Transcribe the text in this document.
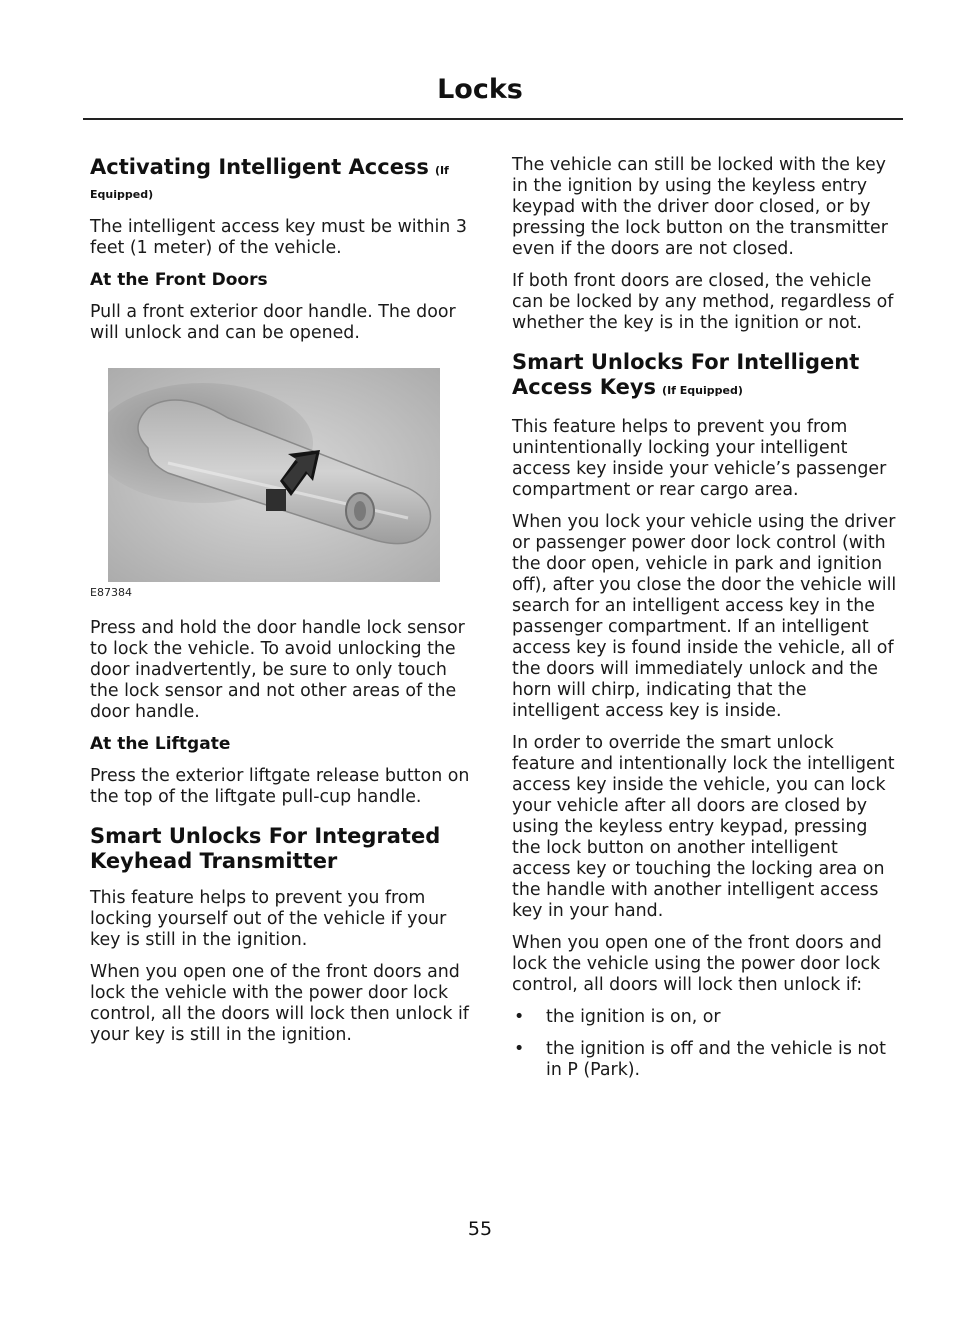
Locks
Activating Intelligent Access (If
Equipped)

The intelligent access key must be within 3 feet (1 meter) of the vehicle.

At the Front Doors

Pull a front exterior door handle. The door will unlock and can be opened.

E87384

Press and hold the door handle lock sensor to lock the vehicle. To avoid unlocking the door inadvertently, be sure to only touch the lock sensor and not other areas of the door handle.

At the Liftgate

Press the exterior liftgate release button on the top of the liftgate pull-cup handle.

Smart Unlocks For Integrated
Keyhead Transmitter

This feature helps to prevent you from locking yourself out of the vehicle if your key is still in the ignition.

When you open one of the front doors and lock the vehicle with the power door lock control, all the doors will lock then unlock if your key is still in the ignition.

The vehicle can still be locked with the key in the ignition by using the keyless entry keypad with the driver door closed, or by pressing the lock button on the transmitter even if the doors are not closed.

If both front doors are closed, the vehicle can be locked by any method, regardless of whether the key is in the ignition or not.

Smart Unlocks For Intelligent
Access Keys (If Equipped)

This feature helps to prevent you from unintentionally locking your intelligent access key inside your vehicle’s passenger compartment or rear cargo area.

When you lock your vehicle using the driver or passenger power door lock control (with the door open, vehicle in park and ignition off), after you close the door the vehicle will search for an intelligent access key in the passenger compartment. If an intelligent access key is found inside the vehicle, all of the doors will immediately unlock and the horn will chirp, indicating that the intelligent access key is inside.

In order to override the smart unlock feature and intentionally lock the intelligent access key inside the vehicle, you can lock your vehicle after all doors are closed by using the keyless entry keypad, pressing the lock button on another intelligent access key or touching the locking area on the handle with another intelligent access key in your hand.

When you open one of the front doors and lock the vehicle using the power door lock control, all doors will lock then unlock if:

• the ignition is on, or
• the ignition is off and the vehicle is not in P (Park).
55
